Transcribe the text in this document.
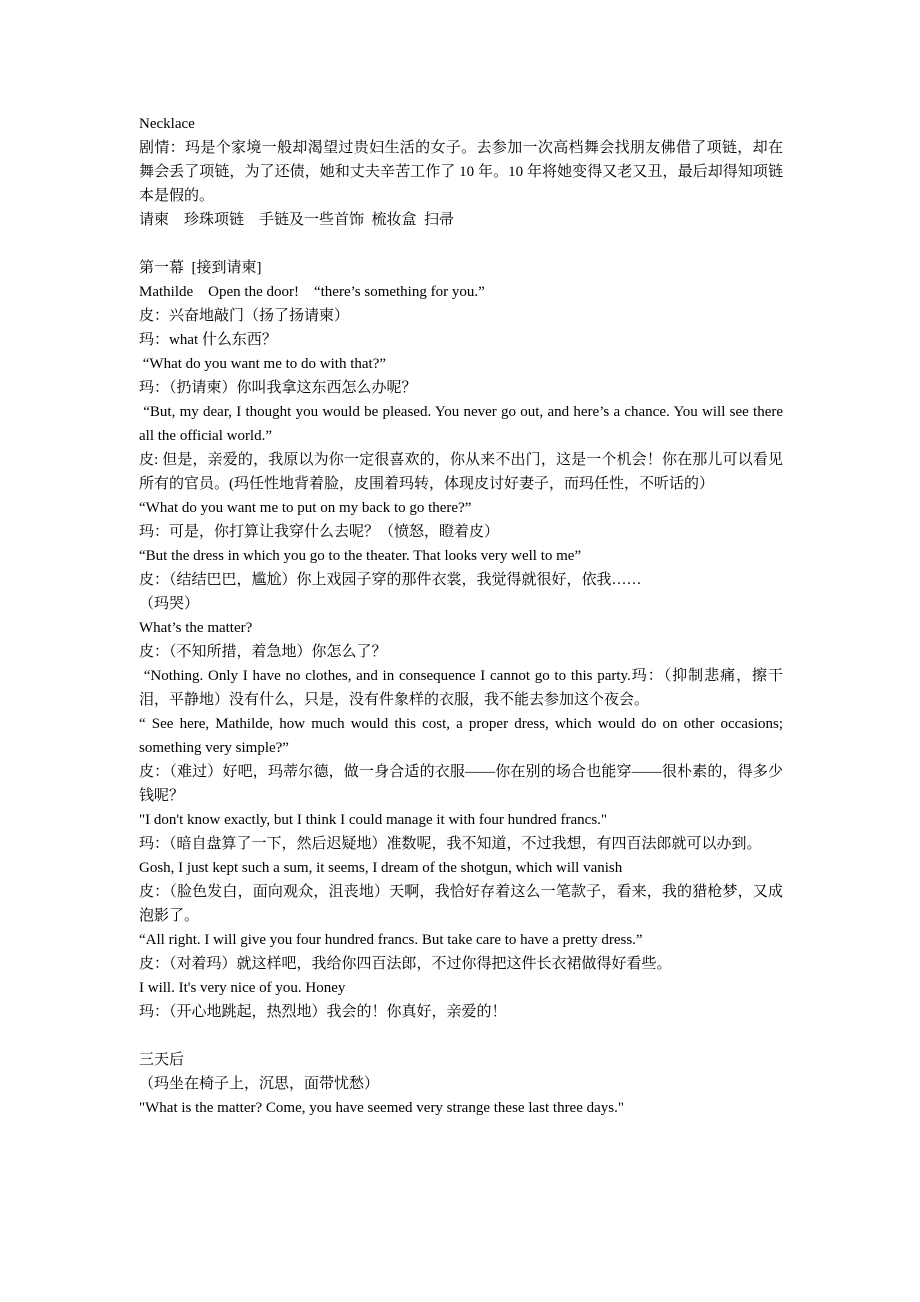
Necklace

剧情：玛是个家境一般却渴望过贵妇生活的女子。去参加一次高档舞会找朋友佛借了项链，却在舞会丢了项链，为了还债，她和丈夫辛苦工作了 10 年。10 年将她变得又老又丑，最后却得知项链本是假的。

请柬    珍珠项链    手链及一些首饰  梳妆盒  扫帚

第一幕  [接到请柬]

Mathilde    Open the door!    “there’s something for you.”

皮：兴奋地敲门（扬了扬请柬）

玛：what 什么东西？

“What do you want me to do with that?”

玛：（扔请柬）你叫我拿这东西怎么办呢？

“But, my dear, I thought you would be pleased. You never go out, and here’s a chance. You will see there all the official world.”

皮: 但是，亲爱的，我原以为你一定很喜欢的，你从来不出门，这是一个机会！你在那儿可以看见所有的官员。(玛任性地背着脸，皮围着玛转，体现皮讨好妻子，而玛任性，不听话的）

“What do you want me to put on my back to go there?”

玛：可是，你打算让我穿什么去呢？（愤怒，瞪着皮）

“But the dress in which you go to the theater. That looks very well to me”

皮：（结结巴巴，尴尬）你上戏园子穿的那件衣裳，我觉得就很好，依我……

（玛哭）

What’s the matter?

皮：（不知所措，着急地）你怎么了？

“Nothing. Only I have no clothes, and in consequence I cannot go to this party.玛：（抑制悲痛，擦干泪，平静地）没有什么，只是，没有件象样的衣服，我不能去参加这个夜会。

“ See here, Mathilde, how much would this cost, a proper dress, which would do on other occasions; something very simple?”

皮：（难过）好吧，玛蒂尔德，做一身合适的衣服——你在别的场合也能穿——很朴素的，得多少钱呢？

"I don't know exactly, but I think I could manage it with four hundred francs."

玛：（暗自盘算了一下，然后迟疑地）准数呢，我不知道，不过我想，有四百法郎就可以办到。

Gosh, I just kept such a sum, it seems, I dream of the shotgun, which will vanish

皮：（脸色发白，面向观众，沮丧地）天啊，我恰好存着这么一笔款子，看来，我的猎枪梦，又成泡影了。

“All right. I will give you four hundred francs. But take care to have a pretty dress.”

皮：（对着玛）就这样吧，我给你四百法郎，不过你得把这件长衣裙做得好看些。

I will. It's very nice of you. Honey

玛：（开心地跳起，热烈地）我会的！你真好，亲爱的！

三天后

（玛坐在椅子上，沉思，面带忧愁）

"What is the matter? Come, you have seemed very strange these last three days."
